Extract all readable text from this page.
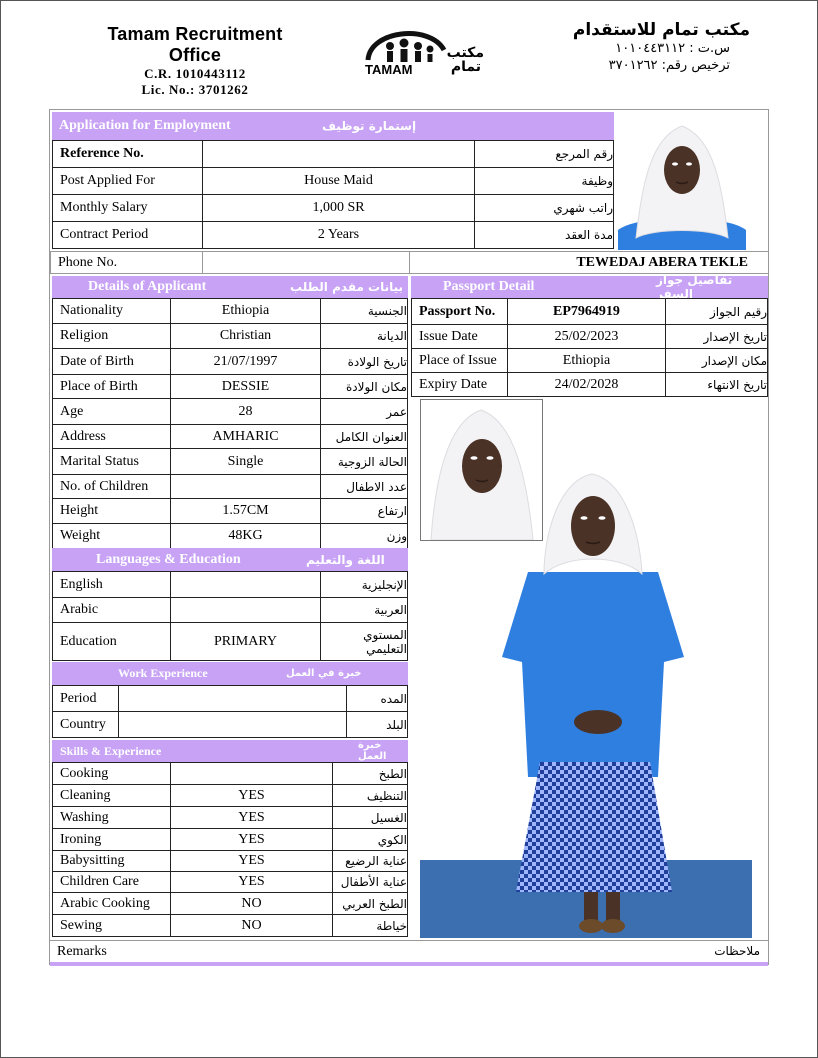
Tamam Recruitment Office
C.R. 1010443112
Lic. No.: 3701262
TAMAM
مكتب تمام
مكتب تمام للاستقدام
س.ت : ١٠١٠٤٤٣١١٢
ترخيص رقم: ٣٧٠١٢٦٢
Application for Employment	إستمارة توظيف
Reference No.	رقم المرجع
Post Applied For	House Maid	وظيفة
Monthly Salary	1,000 SR	راتب شهري
Contract Period	2 Years	مدة العقد
Phone No.	TEWEDAJ ABERA TEKLE
Details of Applicant	بيانات مقدم الطلب
Nationality	Ethiopia	الجنسية
Religion	Christian	الديانة
Date of Birth	21/07/1997	تاريخ الولادة
Place of Birth	DESSIE	مكان الولادة
Age	28	عمر
Address	AMHARIC	العنوان الكامل
Marital Status	Single	الحالة الزوجية
No. of Children	عدد الاطفال
Height	1.57CM	ارتفاع
Weight	48KG	وزن
Passport Detail	تفاصيل جواز السفر
Passport No.	EP7964919	رقيم الجواز
Issue Date	25/02/2023	تاريخ الإصدار
Place of Issue	Ethiopia	مكان الإصدار
Expiry Date	24/02/2028	تاريخ الانتهاء
Languages & Education	اللغة والتعليم
English	الإنجليزية
Arabic	العربية
Education	PRIMARY	المستوي التعليمي
Work Experience	خبرة في العمل
Period	المده
Country	البلد
Skills & Experience	خبرة العمل
Cooking	الطبخ
Cleaning	YES	التنظيف
Washing	YES	الغسيل
Ironing	YES	الكوي
Babysitting	YES	عناية الرضيع
Children Care	YES	عناية الأطفال
Arabic Cooking	NO	الطبخ العربي
Sewing	NO	خياطة
Remarks	ملاحظات
